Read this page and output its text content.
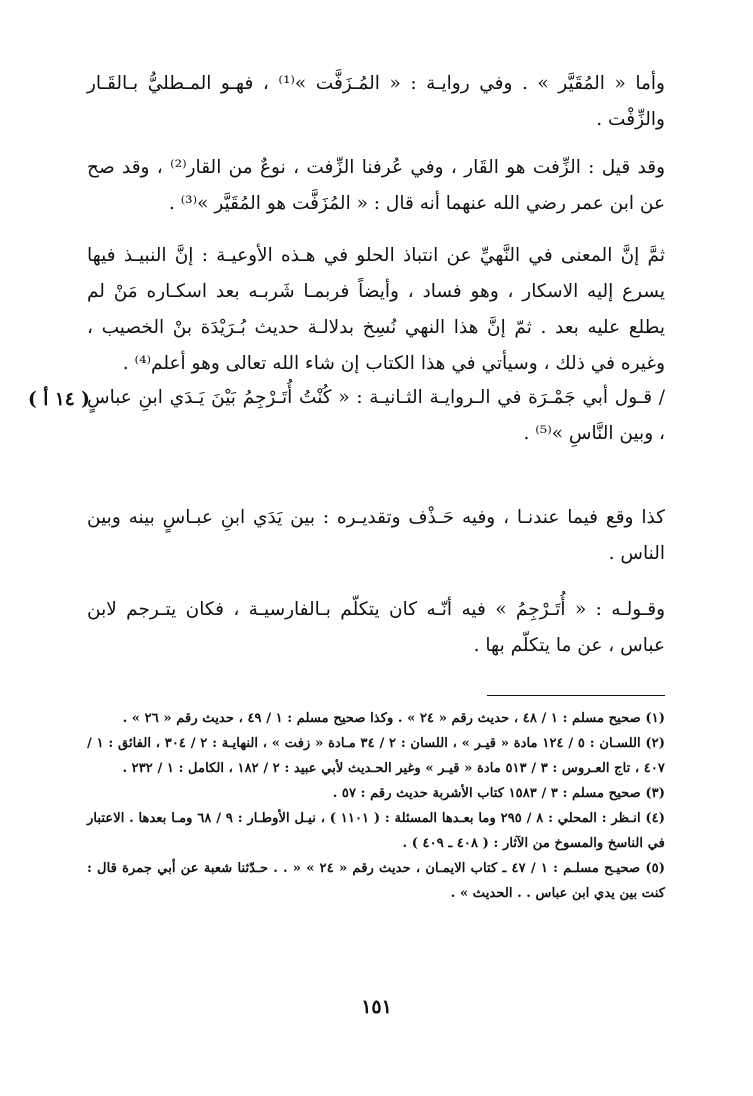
وأما « المُقَيَّر » . وفي روايـة : « المُـزَفَّت »⁽¹⁾ ، فهـو المـطليُّ بـالقَـار والزِّفْت .

وقد قيل : الزِّفت هو القَار ، وفي عُرفنا الزِّفت ، نوعٌ من القار⁽²⁾ ، وقد صح عن ابن عمر رضي الله عنهما أنه قال : « المُزَفَّت هو المُقَيَّر »⁽³⁾ .

ثمَّ إنَّ المعنى في النَّهيِّ عن انتباذ الحلو في هـذه الأوعيـة : إنَّ النبيـذ فيها يسرع إليه الاسكار ، وهو فساد ، وأيضاً فربمـا شَربـه بعد اسكـاره مَنْ لم يطلع عليه بعد . ثمّ إنَّ هذا النهي نُسِخ بدلالـة حديث بُـرَيْدَة بنْ الخصيب ، وغيره في ذلك ، وسيأتي في هذا الكتاب إن شاء الله تعالى وهو أعلم⁽⁴⁾ .

/ قـول أبي جَمْـرَة في الـروايـة الثـانيـة : « كُنْتُ أُتَـرْجِمُ بَيْنَ يَـدَي ابنِ عباسٍ ، وبين النَّاسِ »⁽⁵⁾ .

( ١٤ أ )

كذا وقع فيما عندنـا ، وفيه حَـذْف وتقديـره : بين يَدَي ابنِ عبـاسٍ بينه وبين الناس .

وقـولـه : « أُتَـرْجِمُ » فيه أنّـه كان يتكلّم بـالفارسيـة ، فكان يتـرجم لابن عباس ، عن ما يتكلّم بها .

(١) صحيح مسلم : ١ / ٤٨ ، حديث رقم « ٢٤ » . وكذا صحيح مسلم : ١ / ٤٩ ، حديث رقم « ٢٦ » .

(٢) اللسـان : ٥ / ١٢٤ مادة « قيـر » ، اللسان : ٢ / ٣٤ مـادة « زفت » ، النهايـة : ٢ / ٣٠٤ ، الفائق : ١ / ٤٠٧ ، تاج العـروس : ٣ / ٥١٣ مادة « قيـر » وغير الحـديث لأبي عبيد : ٢ / ١٨٢ ، الكامل : ١ / ٢٣٢ .

(٣) صحيح مسلم : ٣ / ١٥٨٣ كتاب الأشربة حديث رقم : ٥٧ .

(٤) انـظر : المحلي : ٨ / ٢٩٥ وما بعـدها المسئلة : ( ١١٠١ ) ، نيـل الأوطـار : ٩ / ٦٨ ومـا بعدها . الاعتبار في الناسخ والمسوخ من الآثار : ( ٤٠٨ ـ ٤٠٩ ) .

(٥) صحيـح مسلـم : ١ / ٤٧ ـ كتاب الايمـان ، حديث رقم « ٢٤ » « . . حـدّثنا شعبة عن أبي جمرة قال : كنت بين يدي ابن عباس . . الحديث » .

١٥١
